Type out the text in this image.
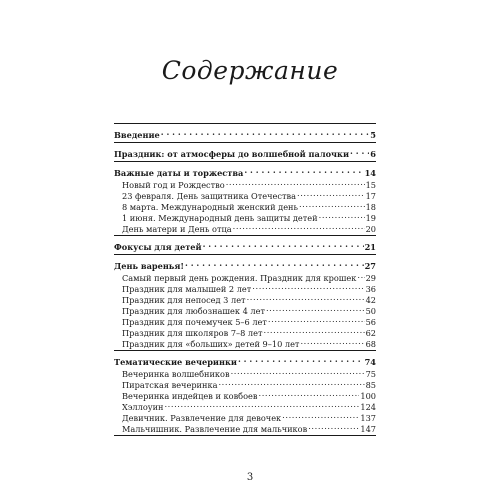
Содержание
Введение . . .	5
Праздник: от атмосферы до волшебной палочки . . .	6
Важные даты и торжества . . .	14
Новый год и Рождество .....	15
23 февраля. День защитника Отечества .....	17
8 марта. Международный женский день .....	18
1 июня. Международный день защиты детей .....	19
День матери и День отца .....	20
Фокусы для детей . . .	21
День варенья! . . .	27
Самый первый день рождения. Праздник для крошек ..... 29
Праздник для малышей 2 лет .....	36
Праздник для непосед 3 лет .....	42
Праздник для любознашек 4 лет .....	50
Праздник для почемучек 5–6 лет .....	56
Праздник для школяров 7–8 лет .....	62
Праздник для «больших» детей 9–10 лет .....	68
Тематические вечеринки . . .	74
Вечеринка волшебников .....	75
Пиратская вечеринка .....	85
Вечеринка индейцев и ковбоев .....	100
Хэллоуин .....	124
Девичник. Развлечение для девочек .....	137
Мальчишник. Развлечение для мальчиков .....	147
3
